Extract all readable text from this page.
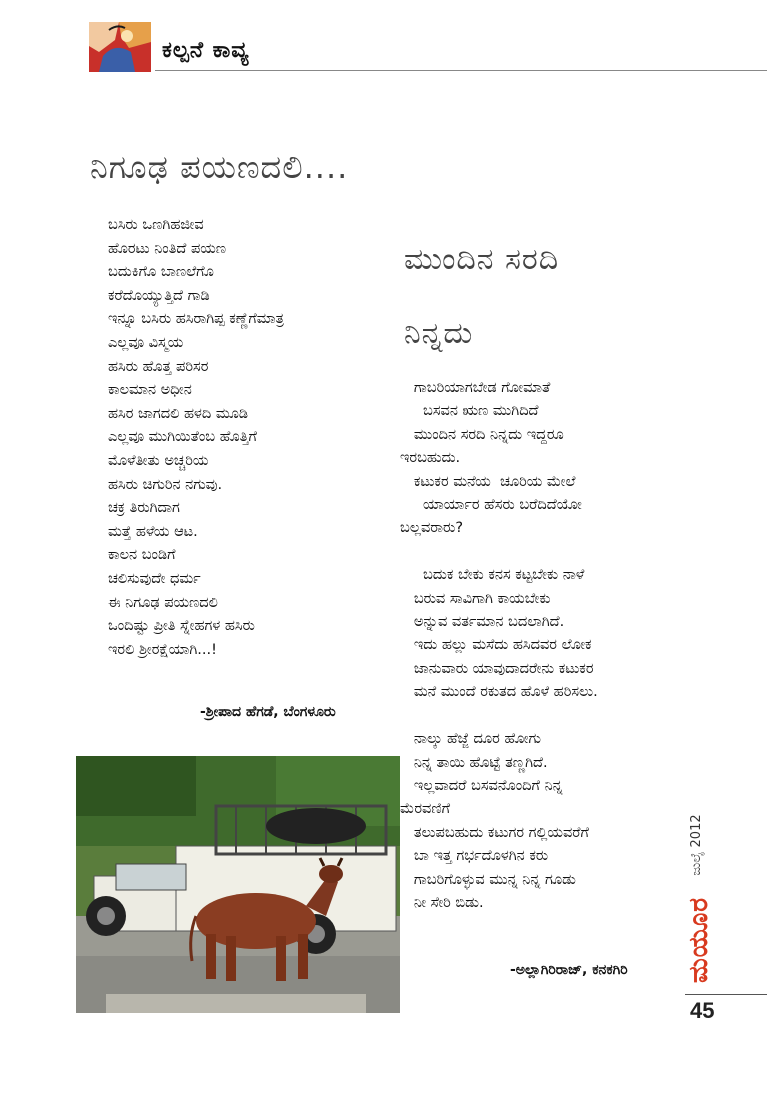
ಕಲ್ಪನೆ ಕಾವ್ಯ
ನಿಗೂಢ ಪಯಣದಲಿ....
ಬಸಿರು ಒಣಗಿಹಜೀವ
ಹೊರಟು ನಿಂತಿದೆ ಪಯಣ
ಬದುಕಿಗೊ ಬಾಣಲೆಗೊ
ಕರೆದೊಯ್ಯುತ್ತಿದೆ ಗಾಡಿ
ಇನ್ನೂ ಬಸಿರು ಹಸಿರಾಗಿಪ್ಪ ಕಣ್ಣೆಗೆಮಾತ್ರ
ಎಲ್ಲವೂ ವಿಸ್ಮಯ
ಹಸಿರು ಹೊತ್ತ ಪರಿಸರ
ಕಾಲಮಾನ ಅಧೀನ
ಹಸಿರ ಜಾಗದಲಿ ಹಳದಿ ಮೂಡಿ
ಎಲ್ಲವೂ ಮುಗಿಯಿತೆಂಬ ಹೊತ್ತಿಗೆ
ಮೊಳೆತೀತು ಅಚ್ಚರಿಯ
ಹಸಿರು ಚಿಗುರಿನ ನಗುವು.
ಚಕ್ರ ತಿರುಗಿದಾಗ
ಮತ್ತೆ ಹಳೆಯ ಆಟ.
ಕಾಲನ ಬಂಡಿಗೆ
ಚಲಿಸುವುದೇ ಧರ್ಮ
ಈ ನಿಗೂಢ ಪಯಣದಲಿ
ಒಂದಿಷ್ಟು ಪ್ರೀತಿ ಸ್ನೇಹಗಳ ಹಸಿರು
ಇರಲಿ ಶ್ರೀರಕ್ಷೆಯಾಗಿ...!
-ಶ್ರೀಪಾದ ಹೆಗಡೆ, ಬೆಂಗಳೂರು
ಮುಂದಿನ ಸರದಿ
ನಿನ್ನದು
ಗಾಬರಿಯಾಗಬೇಡ ಗೋಮಾತೆ
ಬಸವನ ಋಣ ಮುಗಿದಿದೆ
ಮುಂದಿನ ಸರದಿ ನಿನ್ನದು ಇದ್ದರೂ
ಇರಬಹುದು.
ಕಟುಕರ ಮನೆಯ  ಚೂರಿಯ ಮೇಲೆ
ಯಾರ್ಯಾರ ಹೆಸರು ಬರೆದಿದೆಯೋ
ಬಲ್ಲವರಾರು?

ಬದುಕ ಬೇಕು ಕನಸ ಕಟ್ಟಬೇಕು ನಾಳೆ
ಬರುವ ಸಾವಿಗಾಗಿ ಕಾಯಬೇಕು
ಅನ್ನುವ ವರ್ತಮಾನ ಬದಲಾಗಿದೆ.
ಇದು ಹಲ್ಲು ಮಸೆದು ಹಸಿದವರ ಲೋಕ
ಜಾನುವಾರು ಯಾವುದಾದರೇನು ಕಟುಕರ
ಮನೆ ಮುಂದೆ ರಕುತದ ಹೊಳೆ ಹರಿಸಲು.

ನಾಲ್ಕು ಹೆಜ್ಜೆ ದೂರ ಹೋಗು
ನಿನ್ನ ತಾಯಿ ಹೊಟ್ಟೆ ತಣ್ಣಗಿದೆ.
ಇಲ್ಲವಾದರೆ ಬಸವನೊಂದಿಗೆ ನಿನ್ನ
ಮೆರವಣಿಗೆ
ತಲುಪಬಹುದು ಕಟುಗರ ಗಲ್ಲಿಯವರೆಗೆ
ಬಾ ಇತ್ತ ಗರ್ಭದೊಳಗಿನ ಕರು
ಗಾಬರಿಗೊಳ್ಳುವ ಮುನ್ನ ನಿನ್ನ ಗೂಡು
ನೀ ಸೇರಿ ಬಿಡು.
-ಅಲ್ಲಾಗಿರಿರಾಜ್, ಕನಕಗಿರಿ ಮಯೂರ
ಜುಲೈ 2012
45
